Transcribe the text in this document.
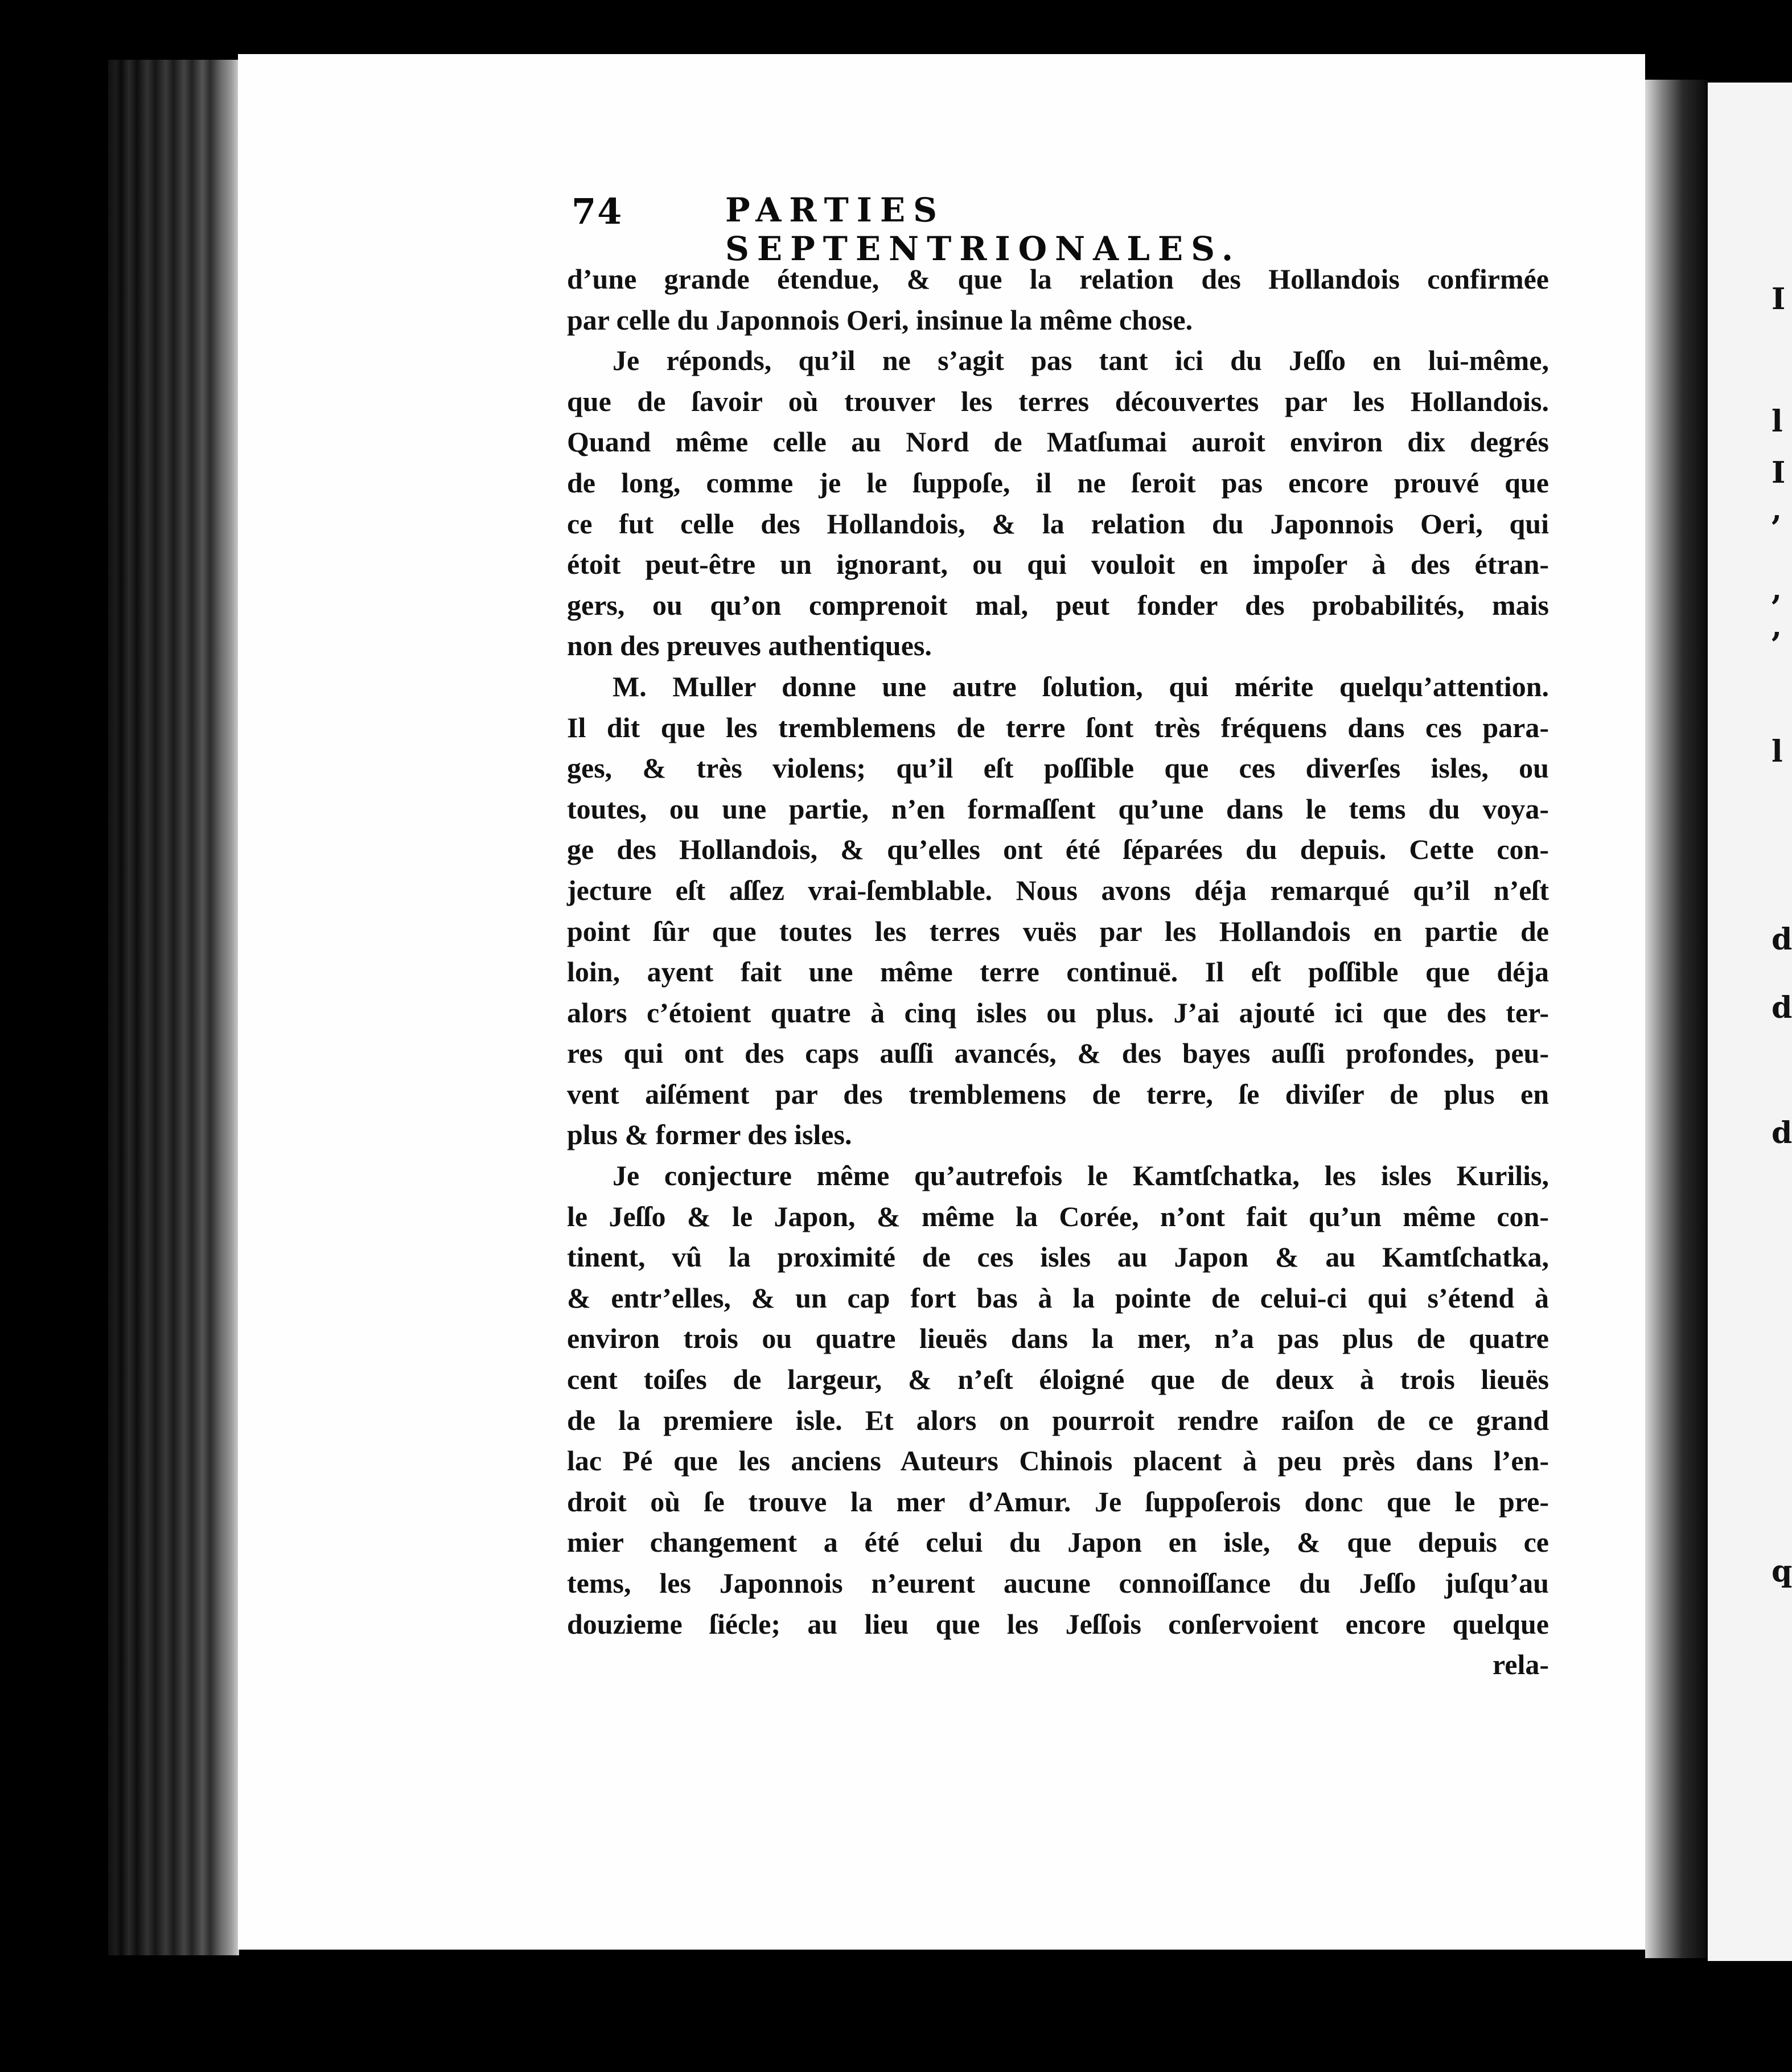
I
l
I
,
,
,
l
d
d
d
q
74	PARTIES SEPTENTRIONALES.
d’une grande étendue, & que la relation des Hollandois confirmée
par celle du Japonnois Oeri, insinue la même chose.
Je réponds, qu’il ne s’agit pas tant ici du Jeſſo en lui-même,
que de ſavoir où trouver les terres découvertes par les Hollandois.
Quand même celle au Nord de Matſumai auroit environ dix degrés
de long, comme je le ſuppoſe, il ne ſeroit pas encore prouvé que
ce fut celle des Hollandois, & la relation du Japonnois Oeri, qui
étoit peut-être un ignorant, ou qui vouloit en impoſer à des étran-
gers, ou qu’on comprenoit mal, peut fonder des probabilités, mais
non des preuves authentiques.
M. Muller donne une autre ſolution, qui mérite quelqu’attention.
Il dit que les tremblemens de terre ſont très fréquens dans ces para-
ges, & très violens; qu’il eſt poſſible que ces diverſes isles, ou
toutes, ou une partie, n’en formaſſent qu’une dans le tems du voya-
ge des Hollandois, & qu’elles ont été ſéparées du depuis. Cette con-
jecture eſt aſſez vrai-ſemblable. Nous avons déja remarqué qu’il n’eſt
point ſûr que toutes les terres vuës par les Hollandois en partie de
loin, ayent fait une même terre continuë. Il eſt poſſible que déja
alors c’étoient quatre à cinq isles ou plus. J’ai ajouté ici que des ter-
res qui ont des caps auſſi avancés, & des bayes auſſi profondes, peu-
vent aiſément par des tremblemens de terre, ſe diviſer de plus en
plus & former des isles.
Je conjecture même qu’autrefois le Kamtſchatka, les isles Kurilis,
le Jeſſo & le Japon, & même la Corée, n’ont fait qu’un même con-
tinent, vû la proximité de ces isles au Japon & au Kamtſchatka,
& entr’elles, & un cap fort bas à la pointe de celui-ci qui s’étend à
environ trois ou quatre lieuës dans la mer, n’a pas plus de quatre
cent toiſes de largeur, & n’eſt éloigné que de deux à trois lieuës
de la premiere isle. Et alors on pourroit rendre raiſon de ce grand
lac Pé que les anciens Auteurs Chinois placent à peu près dans l’en-
droit où ſe trouve la mer d’Amur. Je ſuppoſerois donc que le pre-
mier changement a été celui du Japon en isle, & que depuis ce
tems, les Japonnois n’eurent aucune connoiſſance du Jeſſo juſqu’au
douzieme ſiécle; au lieu que les Jeſſois conſervoient encore quelque
rela-
